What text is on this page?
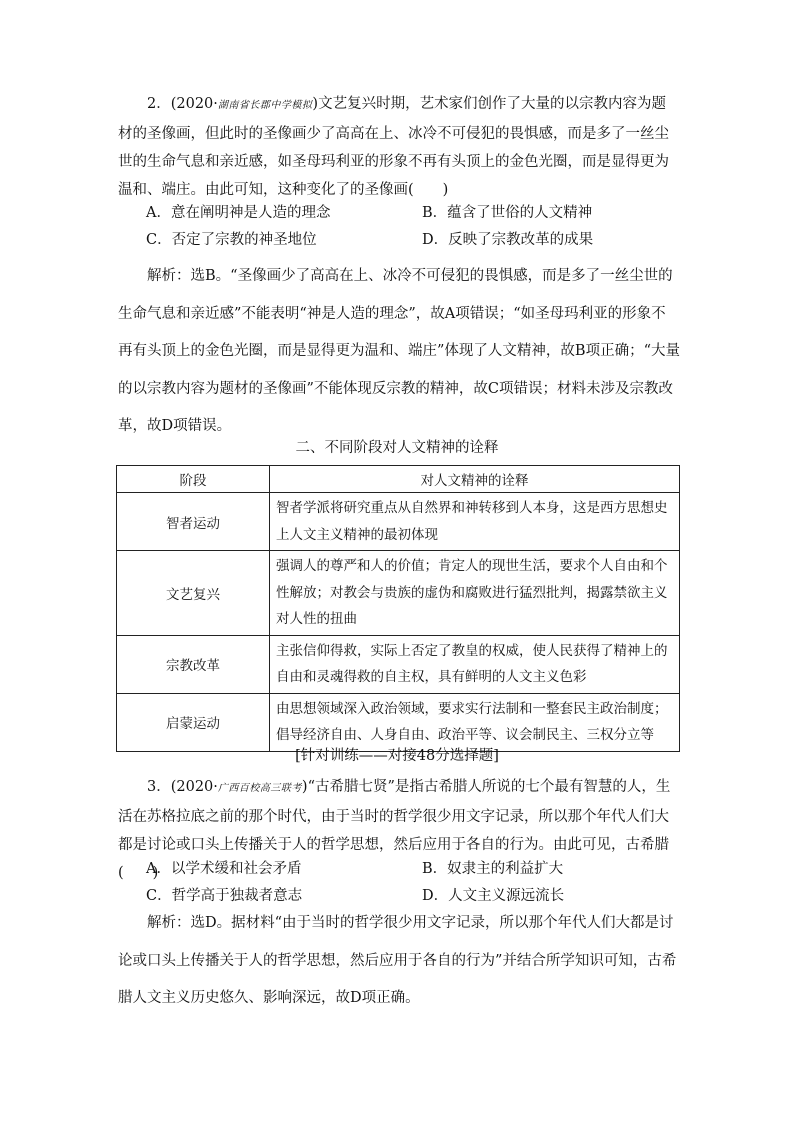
2．(2020·湖南省长郡中学模拟)文艺复兴时期，艺术家们创作了大量的以宗教内容为题材的圣像画，但此时的圣像画少了高高在上、冰冷不可侵犯的畏惧感，而是多了一丝尘世的生命气息和亲近感，如圣母玛利亚的形象不再有头顶上的金色光圈，而是显得更为温和、端庄。由此可知，这种变化了的圣像画(　　)
A．意在阐明神是人造的理念	B．蕴含了世俗的人文精神
C．否定了宗教的神圣地位	D．反映了宗教改革的成果
解析：选B。“圣像画少了高高在上、冰冷不可侵犯的畏惧感，而是多了一丝尘世的生命气息和亲近感”不能表明“神是人造的理念”，故A项错误；“如圣母玛利亚的形象不再有头顶上的金色光圈，而是显得更为温和、端庄”体现了人文精神，故B项正确；“大量的以宗教内容为题材的圣像画”不能体现反宗教的精神，故C项错误；材料未涉及宗教改革，故D项错误。
二、不同阶段对人文精神的诠释
阶段	对人文精神的诠释
智者运动	智者学派将研究重点从自然界和神转移到人本身，这是西方思想史上人文主义精神的最初体现
文艺复兴	强调人的尊严和人的价值；肯定人的现世生活，要求个人自由和个性解放；对教会与贵族的虚伪和腐败进行猛烈批判，揭露禁欲主义对人性的扭曲
宗教改革	主张信仰得救，实际上否定了教皇的权威，使人民获得了精神上的自由和灵魂得救的自主权，具有鲜明的人文主义色彩
启蒙运动	由思想领域深入政治领域，要求实行法制和一整套民主政治制度；倡导经济自由、人身自由、政治平等、议会制民主、三权分立等
[针对训练——对接48分选择题]
3．(2020·广西百校高三联考)“古希腊七贤”是指古希腊人所说的七个最有智慧的人，生活在苏格拉底之前的那个时代，由于当时的哲学很少用文字记录，所以那个年代人们大都是讨论或口头上传播关于人的哲学思想，然后应用于各自的行为。由此可见，古希腊(　　)
A．以学术缓和社会矛盾	B．奴隶主的利益扩大
C．哲学高于独裁者意志	D．人文主义源远流长
解析：选D。据材料“由于当时的哲学很少用文字记录，所以那个年代人们大都是讨论或口头上传播关于人的哲学思想，然后应用于各自的行为”并结合所学知识可知，古希腊人文主义历史悠久、影响深远，故D项正确。
